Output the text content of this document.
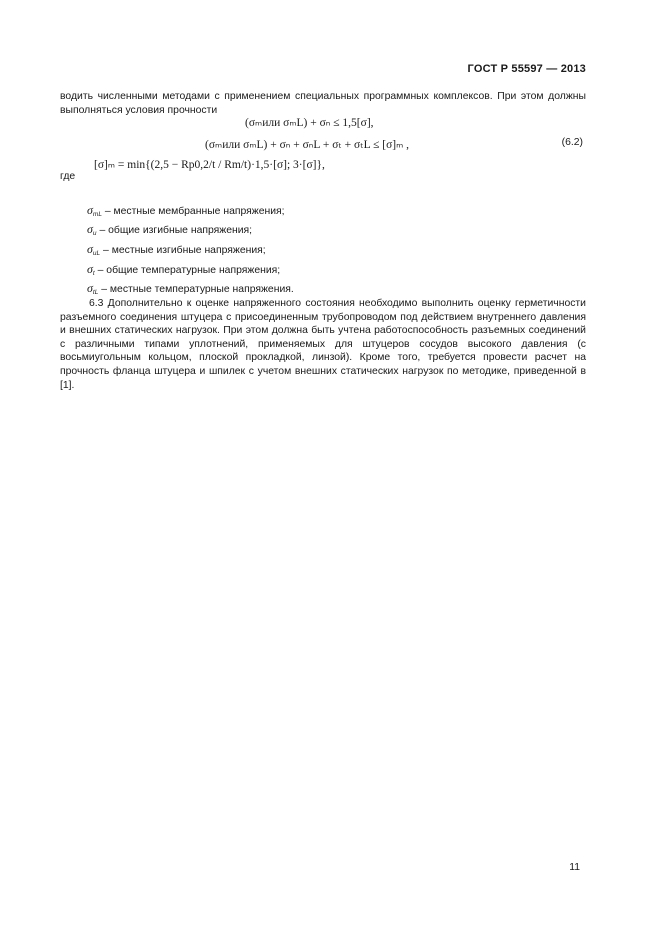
ГОСТ Р 55597 — 2013
водить численными методами с применением специальных программных комплексов. При этом должны выполняться условия прочности
(σₘили σₘL) + σₙ ≤ 1,5[σ],
(σₘили σₘL) + σₙ + σₙL + σₜ + σₜL ≤ [σ]ₘ ,	(6.2)
где
[σ]ₘ = min{(2,5 − Rp0,2/t / Rm/t)·1,5·[σ]; 3·[σ]},
$\sigma_{mL}$ – местные мембранные напряжения;
$\sigma_u$ – общие изгибные напряжения;
$\sigma_{uL}$ – местные изгибные напряжения;
$\sigma_t$ – общие температурные напряжения;
$\sigma_{tL}$ – местные температурные напряжения.
6.3 Дополнительно к оценке напряженного состояния необходимо выполнить оценку герметичности разъемного соединения штуцера с присоединенным трубопроводом под действием внутреннего давления и внешних статических нагрузок. При этом должна быть учтена работоспособность разъемных соединений с различными типами уплотнений, применяемых для штуцеров сосудов высокого давления (с восьмиугольным кольцом, плоской прокладкой, линзой). Кроме того, требуется провести расчет на прочность фланца штуцера и шпилек с учетом внешних статических нагрузок по методике, приведенной в [1].
11
